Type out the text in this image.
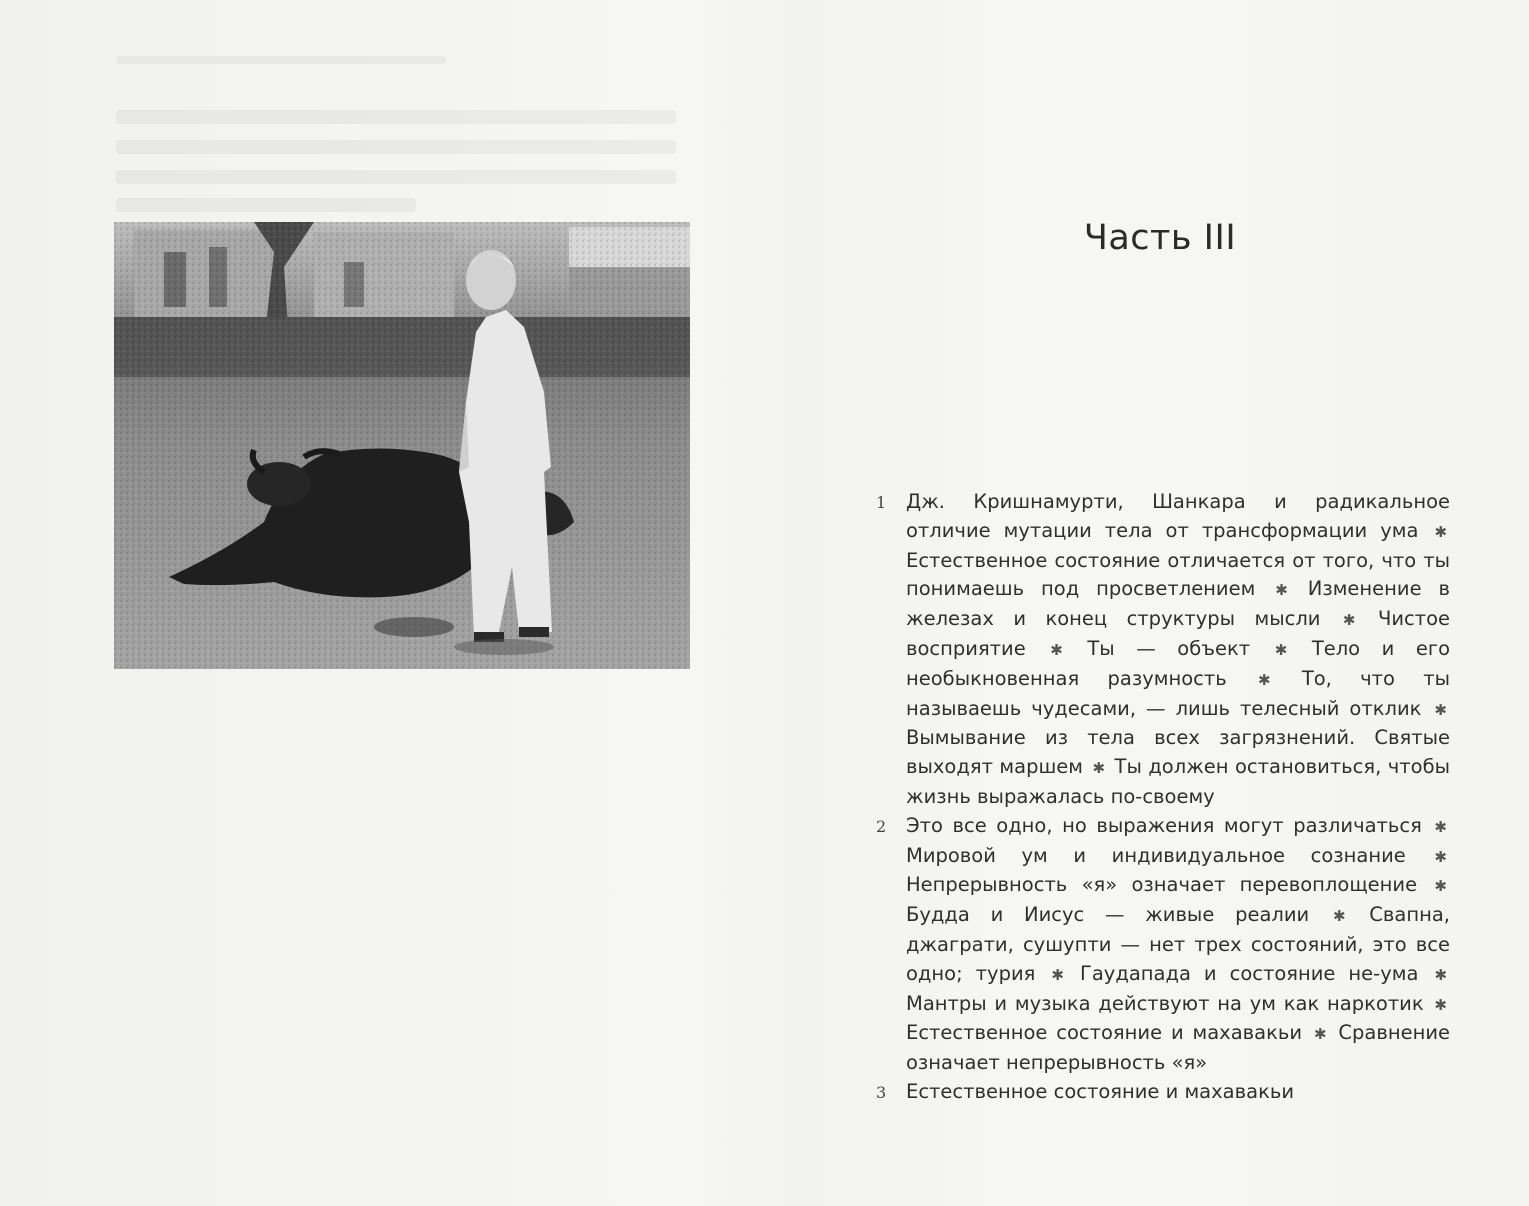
Часть III
1 Дж. Кришнамурти, Шанкара и радикальное отличие мутации тела от трансформации ума ✱ Естественное состояние отличается от того, что ты понимаешь под просветлением ✱ Изменение в железах и конец структуры мысли ✱ Чистое восприятие ✱ Ты — объект ✱ Тело и его необыкновенная разумность ✱ То, что ты называешь чудесами, — лишь телесный отклик ✱ Вымывание из тела всех загрязнений. Святые выходят маршем ✱ Ты должен остановиться, чтобы жизнь выражалась по-своему
2 Это все одно, но выражения могут различаться ✱ Мировой ум и индивидуальное сознание ✱ Непрерывность «я» означает перевоплощение ✱ Будда и Иисус — живые реалии ✱ Свапна, джаграти, сушупти — нет трех состояний, это все одно; турия ✱ Гаудапада и состояние не-ума ✱ Мантры и музыка действуют на ум как наркотик ✱ Естественное состояние и махавакьи ✱ Сравнение означает непрерывность «я»
3 Естественное состояние и махавакьи
